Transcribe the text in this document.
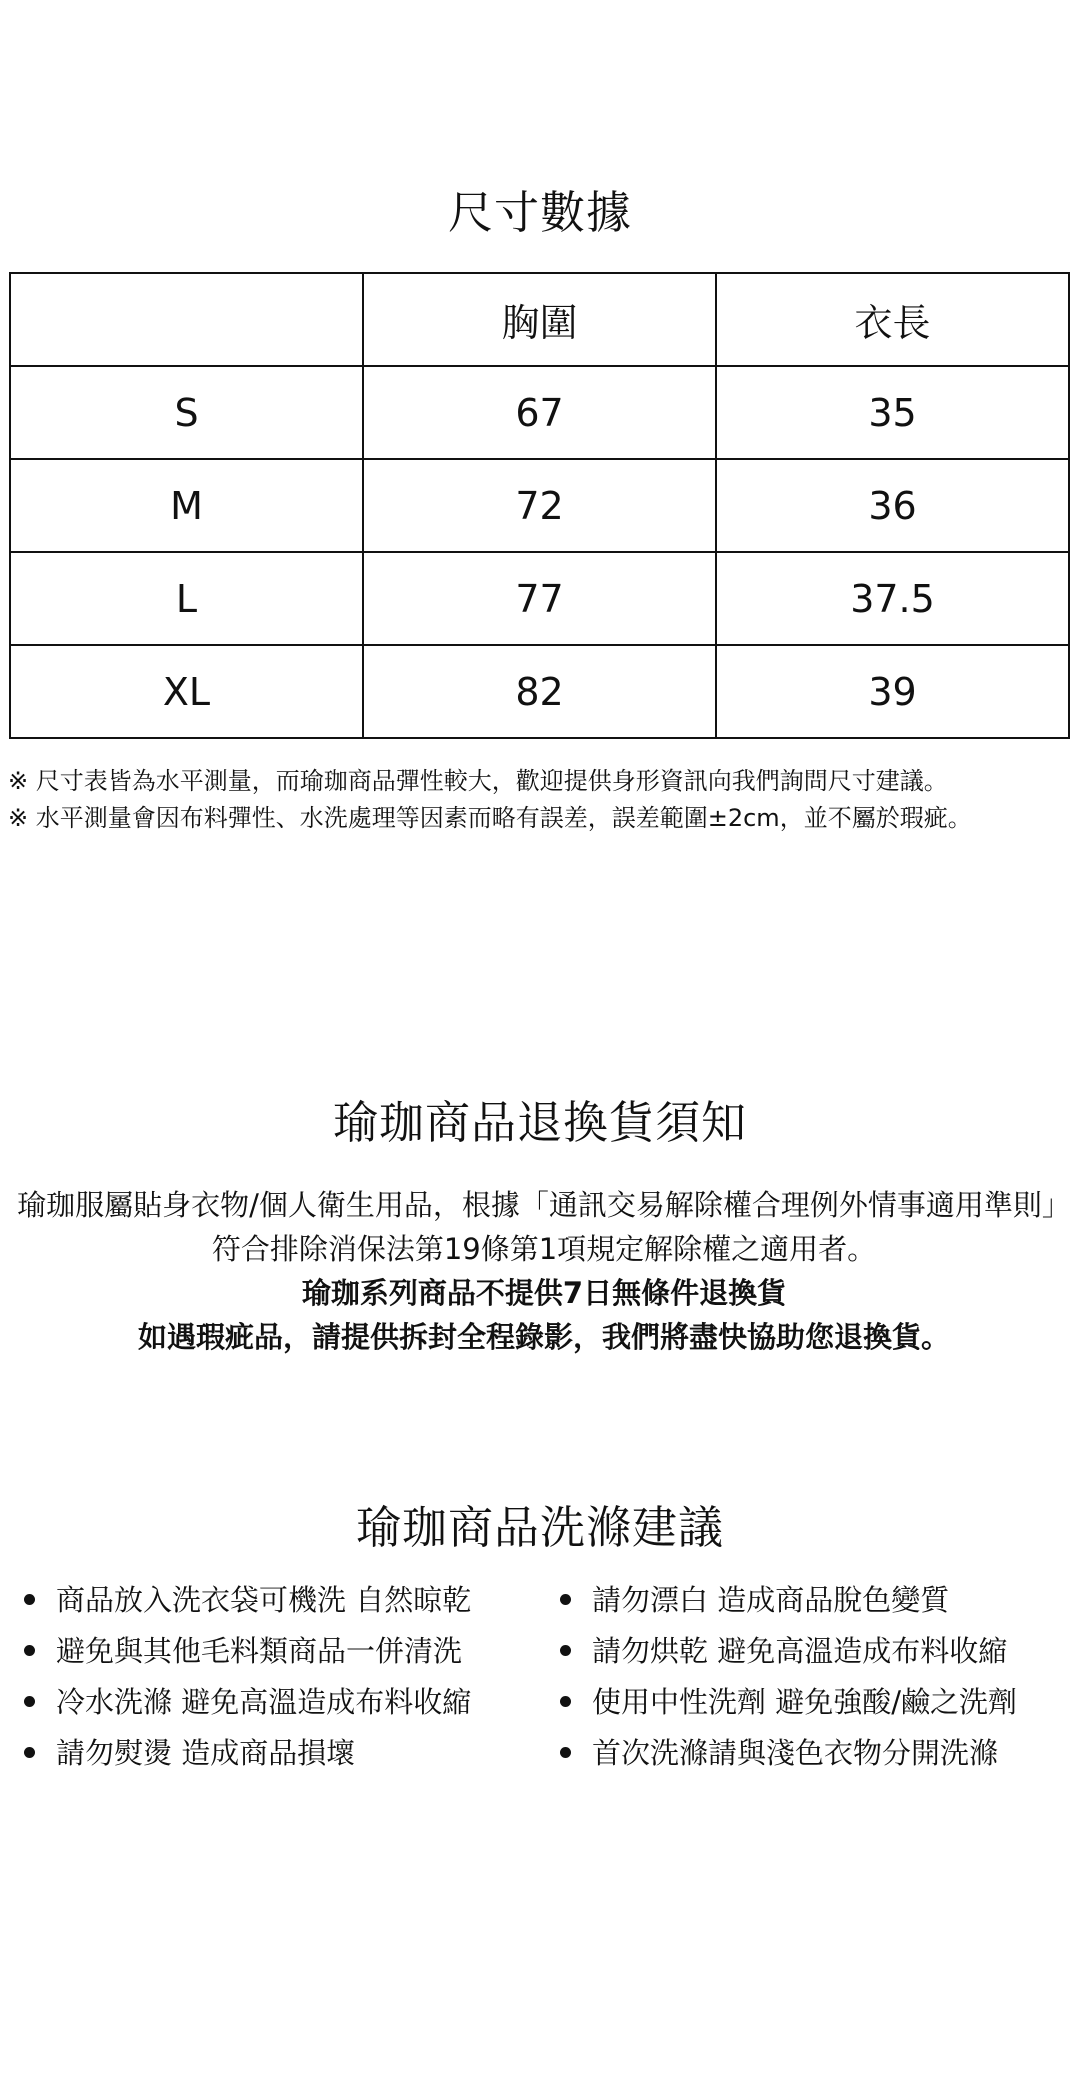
尺寸數據
	胸圍	衣長
S	67	35
M	72	36
L	77	37.5
XL	82	39
※ 尺寸表皆為水平測量，而瑜珈商品彈性較大，歡迎提供身形資訊向我們詢問尺寸建議。
※ 水平測量會因布料彈性、水洗處理等因素而略有誤差，誤差範圍±2cm，並不屬於瑕疵。
瑜珈商品退換貨須知
瑜珈服屬貼身衣物/個人衛生用品，根據「通訊交易解除權合理例外情事適用準則」符合排除消保法第19條第1項規定解除權之適用者。
瑜珈系列商品不提供7日無條件退換貨
如遇瑕疵品，請提供拆封全程錄影，我們將盡快協助您退換貨。
瑜珈商品洗滌建議
商品放入洗衣袋可機洗 自然晾乾
避免與其他毛料類商品一併清洗
冷水洗滌 避免高溫造成布料收縮
請勿熨燙 造成商品損壞
請勿漂白 造成商品脫色變質
請勿烘乾 避免高溫造成布料收縮
使用中性洗劑 避免強酸/鹼之洗劑
首次洗滌請與淺色衣物分開洗滌
